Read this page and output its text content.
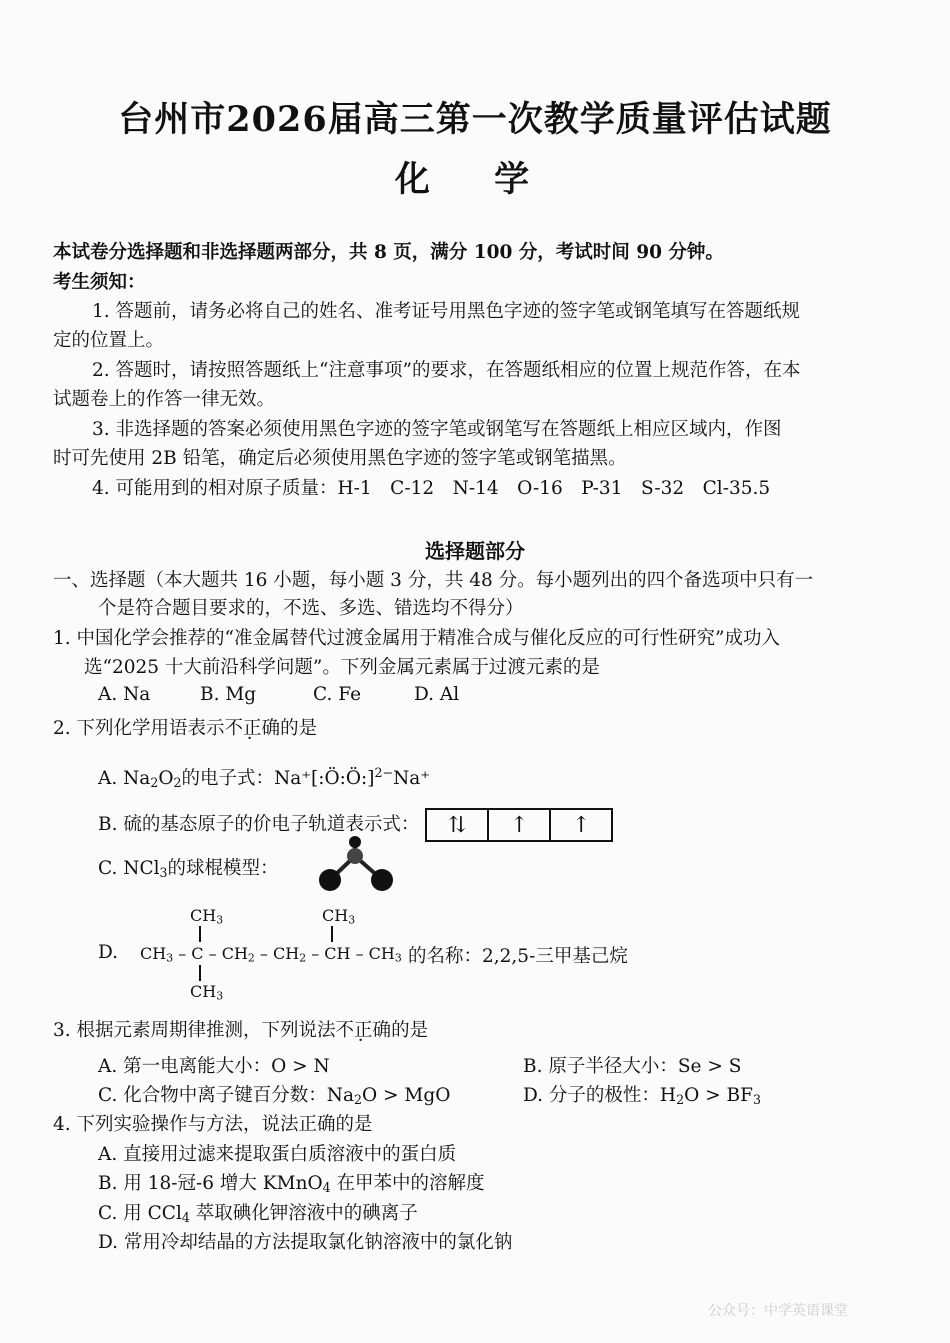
台州市2026届高三第一次教学质量评估试题
化 学
本试卷分选择题和非选择题两部分，共 8 页，满分 100 分，考试时间 90 分钟。
考生须知：
1. 答题前，请务必将自己的姓名、准考证号用黑色字迹的签字笔或钢笔填写在答题纸规
定的位置上。
2. 答题时，请按照答题纸上“注意事项”的要求，在答题纸相应的位置上规范作答，在本
试题卷上的作答一律无效。
3. 非选择题的答案必须使用黑色字迹的签字笔或钢笔写在答题纸上相应区域内，作图
时可先使用 2B 铅笔，确定后必须使用黑色字迹的签字笔或钢笔描黑。
4. 可能用到的相对原子质量：H-1　C-12　N-14　O-16　P-31　S-32　Cl-35.5
选择题部分
一、选择题（本大题共 16 小题，每小题 3 分，共 48 分。每小题列出的四个备选项中只有一
个是符合题目要求的，不选、多选、错选均不得分）
1. 中国化学会推荐的“准金属替代过渡金属用于精准合成与催化反应的可行性研究”成功入
选“2025 十大前沿科学问题”。下列金属元素属于过渡元素的是
A. Na	B. Mg	C. Fe	D. Al
2. 下列化学用语表示不正确的是
A. $Na_2O_2$的电子式：Na⁺[:Ö:Ö:]$^{2-}$Na⁺
B. 硫的基态原子的价电子轨道表示式：	⇅	↑	↑
C. NCl$_3$的球棍模型：
D.
$CH_3$	$CH_3$
$CH_3$ – C – $CH_2 - CH_2$ – CH – $CH_3$
$CH_3$
的名称：2,2,5-三甲基己烷
3. 根据元素周期律推测，下列说法不正确的是
A. 第一电离能大小：O > N	B. 原子半径大小：Se > S
C. 化合物中离子键百分数：$Na_2O$ > MgO	D. 分子的极性：$H_2O > BF_3$
4. 下列实验操作与方法，说法正确的是
A. 直接用过滤来提取蛋白质溶液中的蛋白质
B. 用 18-冠-6 增大 KMnO$_4$ 在甲苯中的溶解度
C. 用 CCl$_4$ 萃取碘化钾溶液中的碘离子
D. 常用冷却结晶的方法提取氯化钠溶液中的氯化钠
公众号：中学英语课堂
